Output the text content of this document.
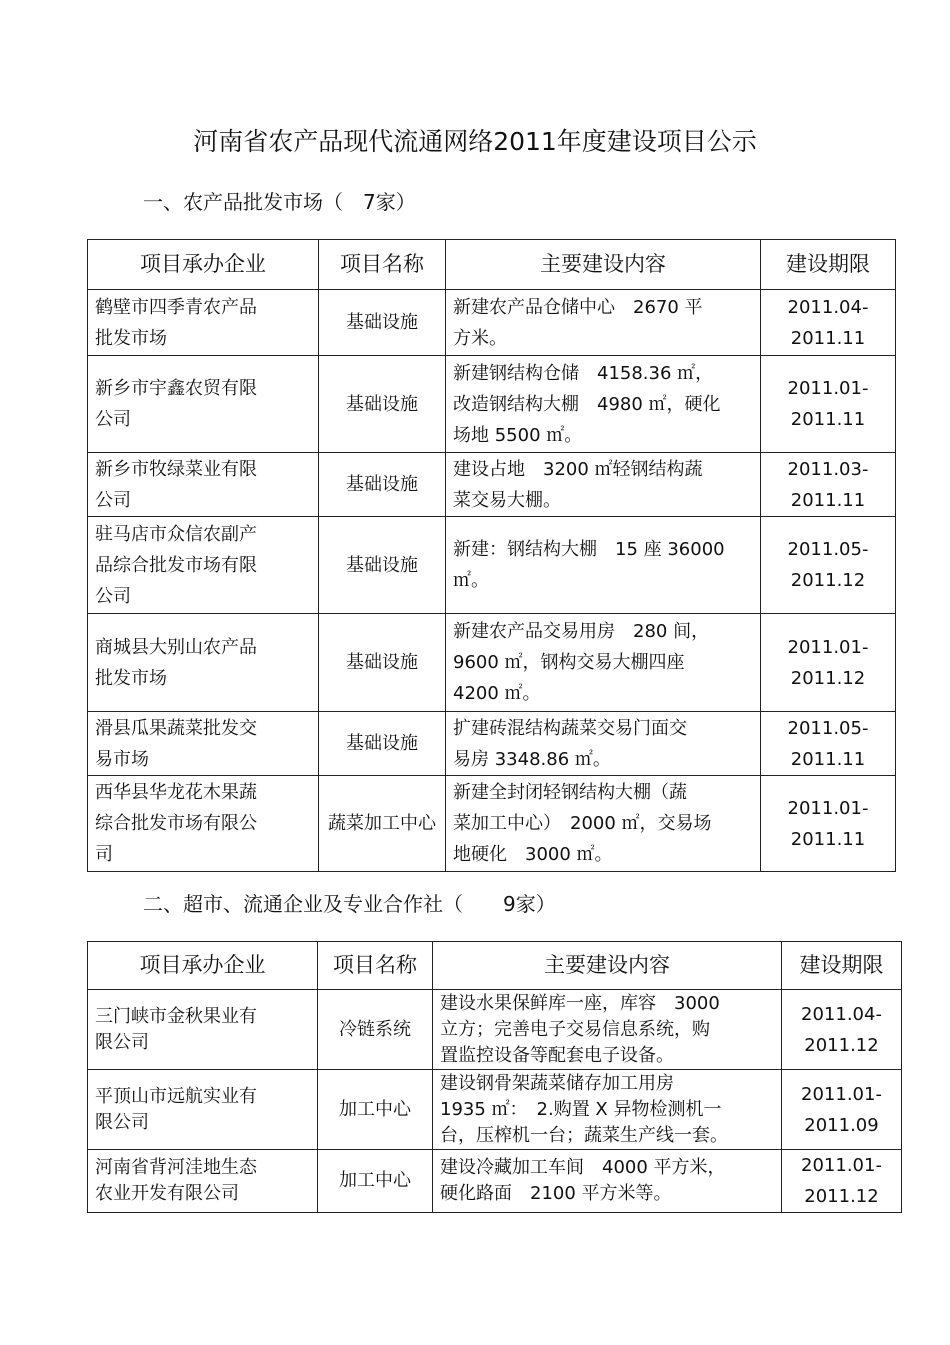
河南省农产品现代流通网络2011年度建设项目公示
一、农产品批发市场（　7家）
项目承办企业	项目名称	主要建设内容	建设期限
鹤壁市四季青农产品
批发市场	基础设施	新建农产品仓储中心　2670 平
方米。	2011.04-
2011.11
新乡市宇鑫农贸有限
公司	基础设施	新建钢结构仓储　4158.36 ㎡，
改造钢结构大棚　4980 ㎡，硬化
场地 5500 ㎡。	2011.01-
2011.11
新乡市牧绿菜业有限
公司	基础设施	建设占地　3200 ㎡轻钢结构蔬
菜交易大棚。	2011.03-
2011.11
驻马店市众信农副产
品综合批发市场有限
公司	基础设施	新建：钢结构大棚　15 座 36000
㎡。	2011.05-
2011.12
商城县大别山农产品
批发市场	基础设施	新建农产品交易用房　280 间，
9600 ㎡，钢构交易大棚四座
4200 ㎡。	2011.01-
2011.12
滑县瓜果蔬菜批发交
易市场	基础设施	扩建砖混结构蔬菜交易门面交
易房 3348.86 ㎡。	2011.05-
2011.11
西华县华龙花木果蔬
综合批发市场有限公
司	蔬菜加工中心	新建全封闭轻钢结构大棚（蔬
菜加工中心）　2000 ㎡，交易场
地硬化　3000 ㎡。	2011.01-
2011.11
二、超市、流通企业及专业合作社（　　9家）
项目承办企业	项目名称	主要建设内容	建设期限
三门峡市金秋果业有
限公司	冷链系统	建设水果保鲜库一座，库容　3000
立方；完善电子交易信息系统，购
置监控设备等配套电子设备。	2011.04-
2011.12
平顶山市远航实业有
限公司	加工中心	建设钢骨架蔬菜储存加工用房
1935 ㎡：　2.购置 X 异物检测机一
台，压榨机一台；蔬菜生产线一套。	2011.01-
2011.09
河南省背河洼地生态
农业开发有限公司	加工中心	建设冷藏加工车间　4000 平方米，
硬化路面　2100 平方米等。	2011.01-
2011.12
